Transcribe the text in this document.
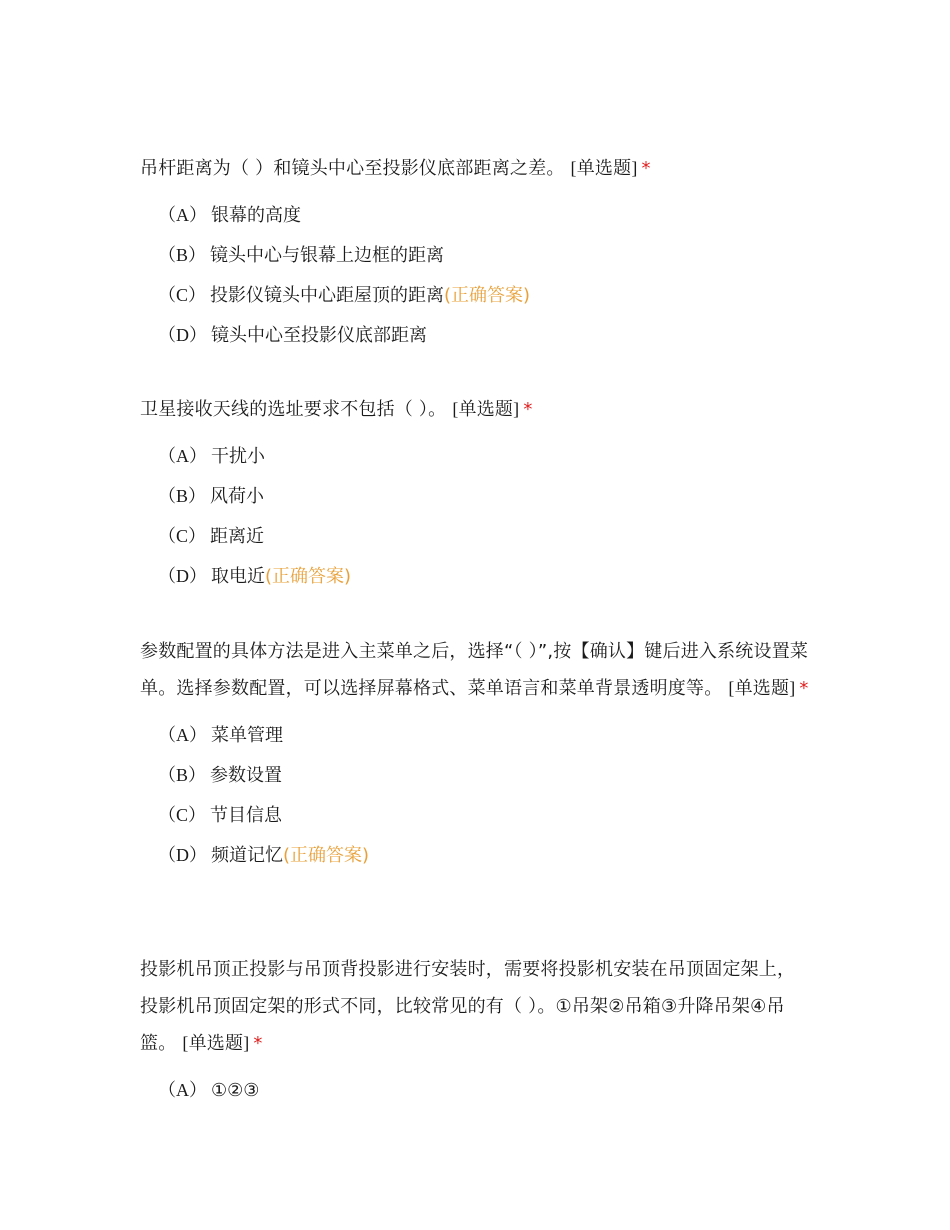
吊杆距离为（ ）和镜头中心至投影仪底部距离之差。 [单选题] *

（A） 银幕的高度
（B） 镜头中心与银幕上边框的距离
（C） 投影仪镜头中心距屋顶的距离(正确答案)
（D） 镜头中心至投影仪底部距离

卫星接收天线的选址要求不包括（ ）。 [单选题] *

（A） 干扰小
（B） 风荷小
（C） 距离近
（D） 取电近(正确答案)

参数配置的具体方法是进入主菜单之后，选择“（ ）”,按【确认】键后进入系统设置菜单。选择参数配置，可以选择屏幕格式、菜单语言和菜单背景透明度等。 [单选题] *

（A） 菜单管理
（B） 参数设置
（C） 节目信息
（D） 频道记忆(正确答案)

投影机吊顶正投影与吊顶背投影进行安装时，需要将投影机安装在吊顶固定架上，投影机吊顶固定架的形式不同，比较常见的有（ ）。①吊架②吊箱③升降吊架④吊篮。 [单选题] *

（A） ①②③
